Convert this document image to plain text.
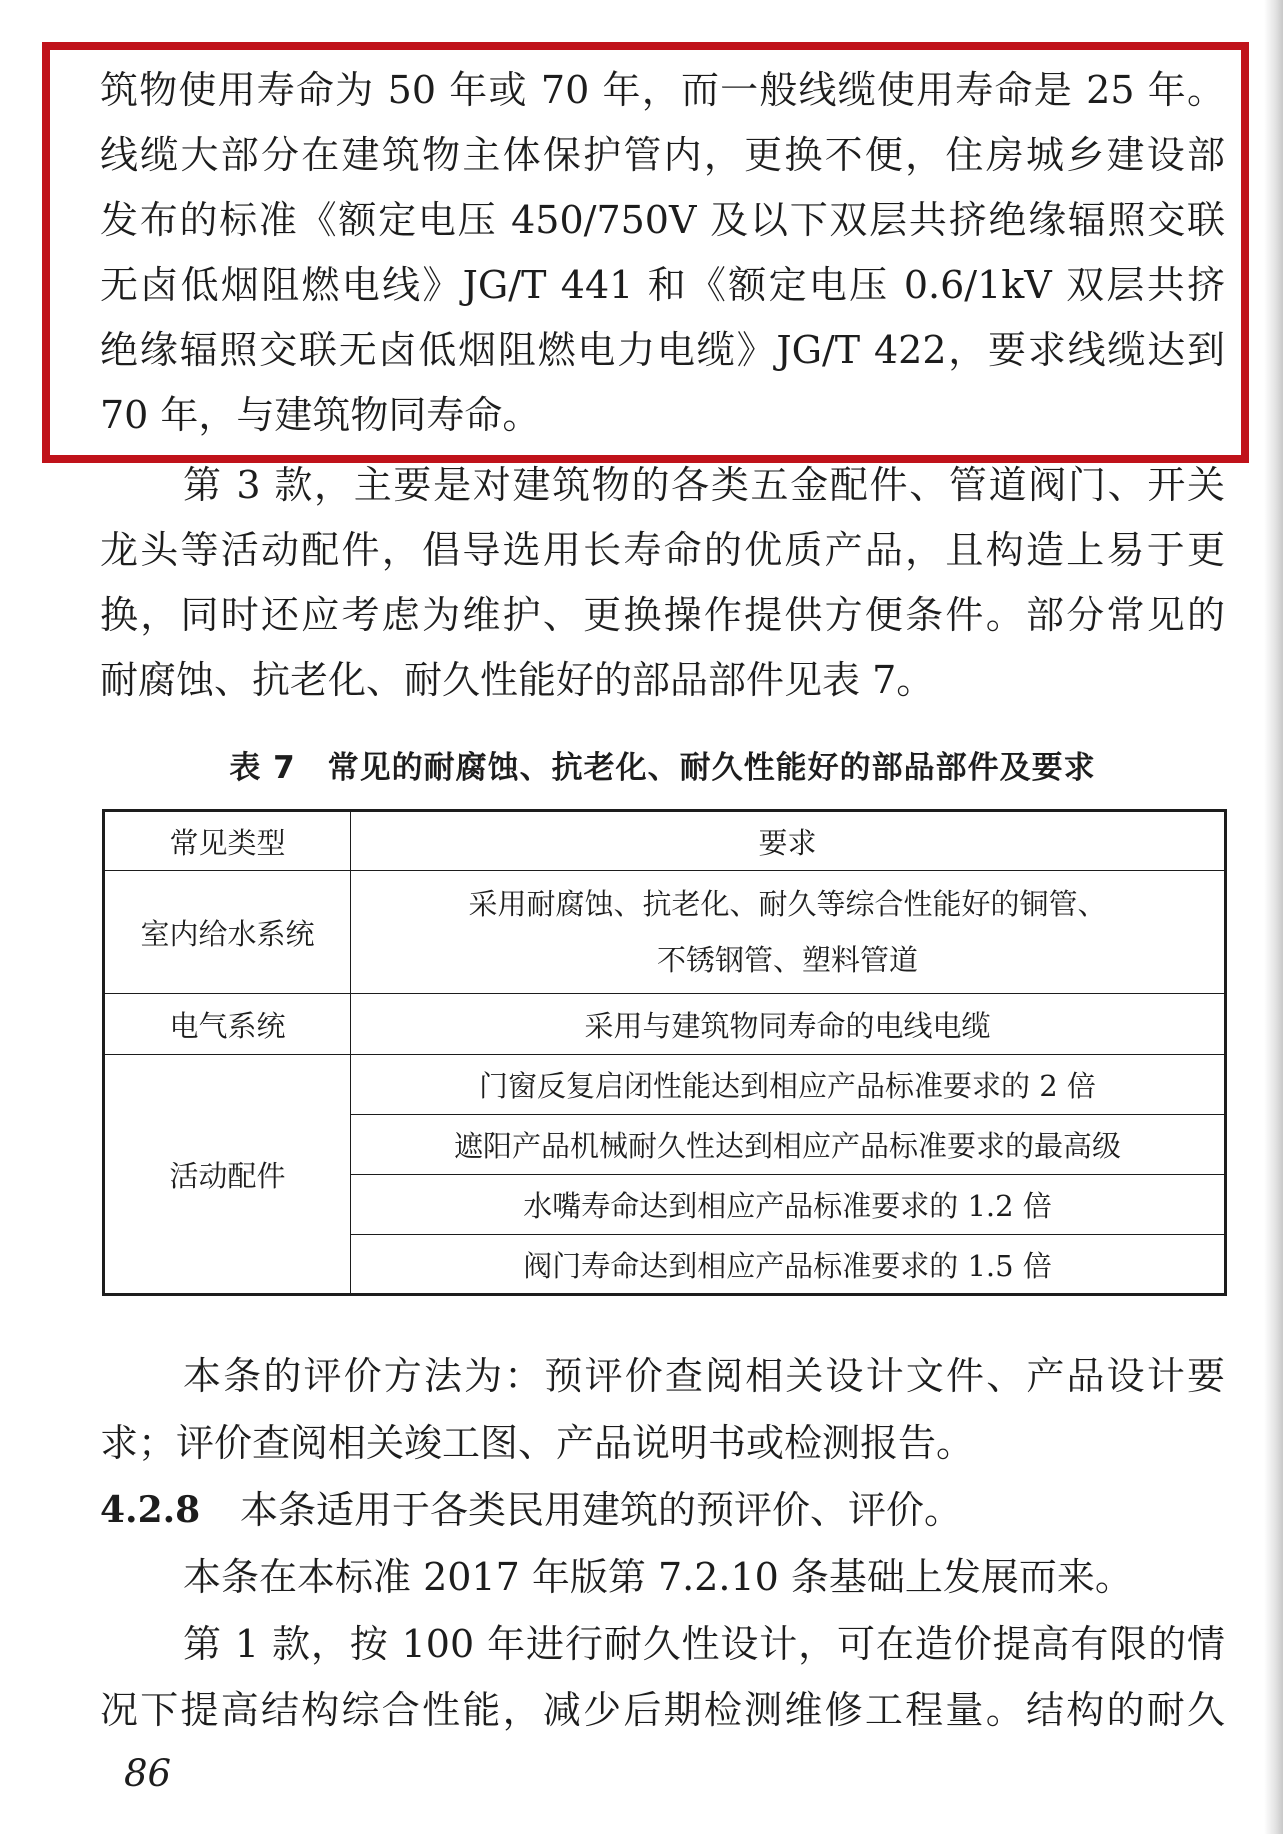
筑物使用寿命为 50 年或 70 年，而一般线缆使用寿命是 25 年。
线缆大部分在建筑物主体保护管内，更换不便，住房城乡建设部
发布的标准《额定电压 450/750V 及以下双层共挤绝缘辐照交联
无卤低烟阻燃电线》JG/T 441 和《额定电压 0.6/1kV 双层共挤
绝缘辐照交联无卤低烟阻燃电力电缆》JG/T 422，要求线缆达到
70 年，与建筑物同寿命。
第 3 款，主要是对建筑物的各类五金配件、管道阀门、开关
龙头等活动配件，倡导选用长寿命的优质产品，且构造上易于更
换，同时还应考虑为维护、更换操作提供方便条件。部分常见的
耐腐蚀、抗老化、耐久性能好的部品部件见表 7。
表 7　常见的耐腐蚀、抗老化、耐久性能好的部品部件及要求
常见类型	要求
室内给水系统	采用耐腐蚀、抗老化、耐久等综合性能好的铜管、
不锈钢管、塑料管道

电气系统	采用与建筑物同寿命的电线电缆
活动配件	门窗反复启闭性能达到相应产品标准要求的 2 倍
	遮阳产品机械耐久性达到相应产品标准要求的最高级
	水嘴寿命达到相应产品标准要求的 1.2 倍
	阀门寿命达到相应产品标准要求的 1.5 倍
本条的评价方法为：预评价查阅相关设计文件、产品设计要
求；评价查阅相关竣工图、产品说明书或检测报告。
4.2.8 本条适用于各类民用建筑的预评价、评价。
本条在本标准 2017 年版第 7.2.10 条基础上发展而来。
第 1 款，按 100 年进行耐久性设计，可在造价提高有限的情
况下提高结构综合性能，减少后期检测维修工程量。结构的耐久
86
